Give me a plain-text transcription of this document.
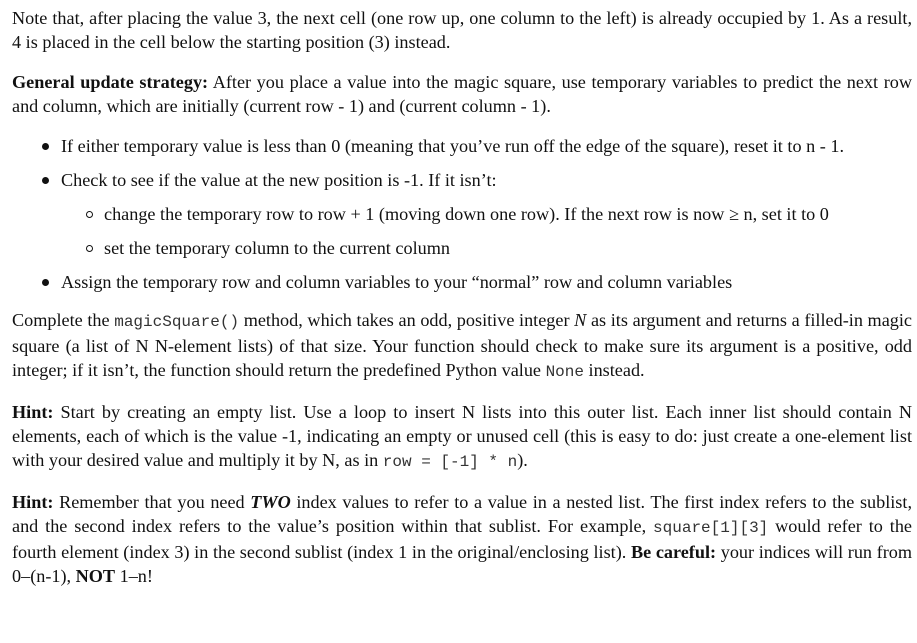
Note that, after placing the value 3, the next cell (one row up, one column to the left) is already occupied by 1. As a result, 4 is placed in the cell below the starting position (3) instead.

General update strategy: After you place a value into the magic square, use temporary variables to predict the next row and column, which are initially (current row - 1) and (current column - 1).

If either temporary value is less than 0 (meaning that you’ve run off the edge of the square), reset it to n - 1.
Check to see if the value at the new position is -1. If it isn’t:
change the temporary row to row + 1 (moving down one row). If the next row is now ≥ n, set it to 0
set the temporary column to the current column
Assign the temporary row and column variables to your “normal” row and column variables

Complete the magicSquare() method, which takes an odd, positive integer N as its argument and returns a filled-in magic square (a list of N N-element lists) of that size. Your function should check to make sure its argument is a positive, odd integer; if it isn’t, the function should return the predefined Python value None instead.

Hint: Start by creating an empty list. Use a loop to insert N lists into this outer list. Each inner list should contain N elements, each of which is the value -1, indicating an empty or unused cell (this is easy to do: just create a one-element list with your desired value and multiply it by N, as in row = [-1] * n).

Hint: Remember that you need TWO index values to refer to a value in a nested list. The first index refers to the sublist, and the second index refers to the value’s position within that sublist. For example, square[1][3] would refer to the fourth element (index 3) in the second sublist (index 1 in the original/enclosing list). Be careful: your indices will run from 0–(n-1), NOT 1–n!
